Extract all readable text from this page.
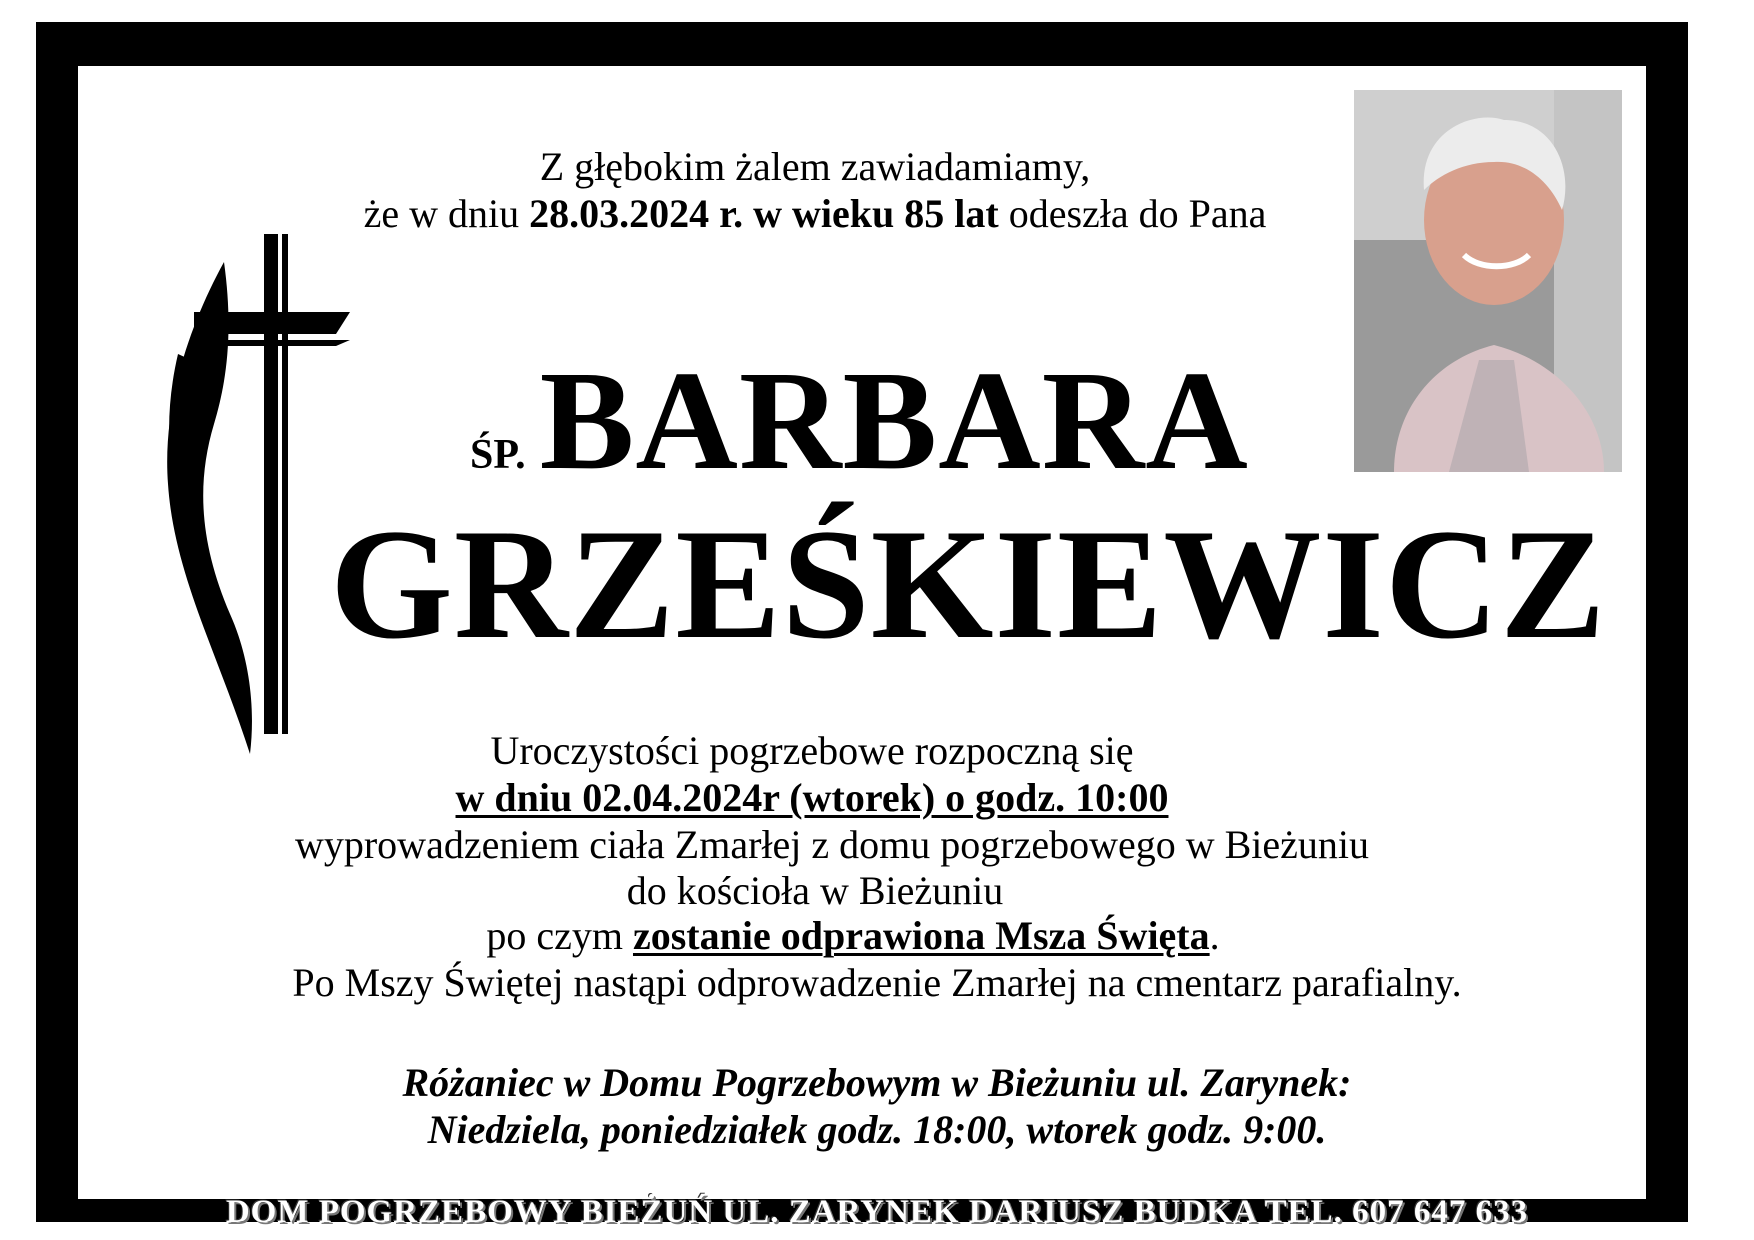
Z głębokim żalem zawiadamiamy,
że w dniu 28.03.2024 r. w wieku 85 lat odeszła do Pana
ŚP.BARBARA
GRZEŚKIEWICZ
Uroczystości pogrzebowe rozpoczną się
w dniu 02.04.2024r (wtorek) o godz. 10:00
wyprowadzeniem ciała Zmarłej z domu pogrzebowego w Bieżuniu
do kościoła w Bieżuniu
po czym zostanie odprawiona Msza Święta.
Po Mszy Świętej nastąpi odprowadzenie Zmarłej na cmentarz parafialny.
Różaniec w Domu Pogrzebowym w Bieżuniu ul. Zarynek:
Niedziela, poniedziałek godz. 18:00, wtorek godz. 9:00.
DOM POGRZEBOWY BIEŻUŃ UL. ZARYNEK DARIUSZ BUDKA TEL. 607 647 633
